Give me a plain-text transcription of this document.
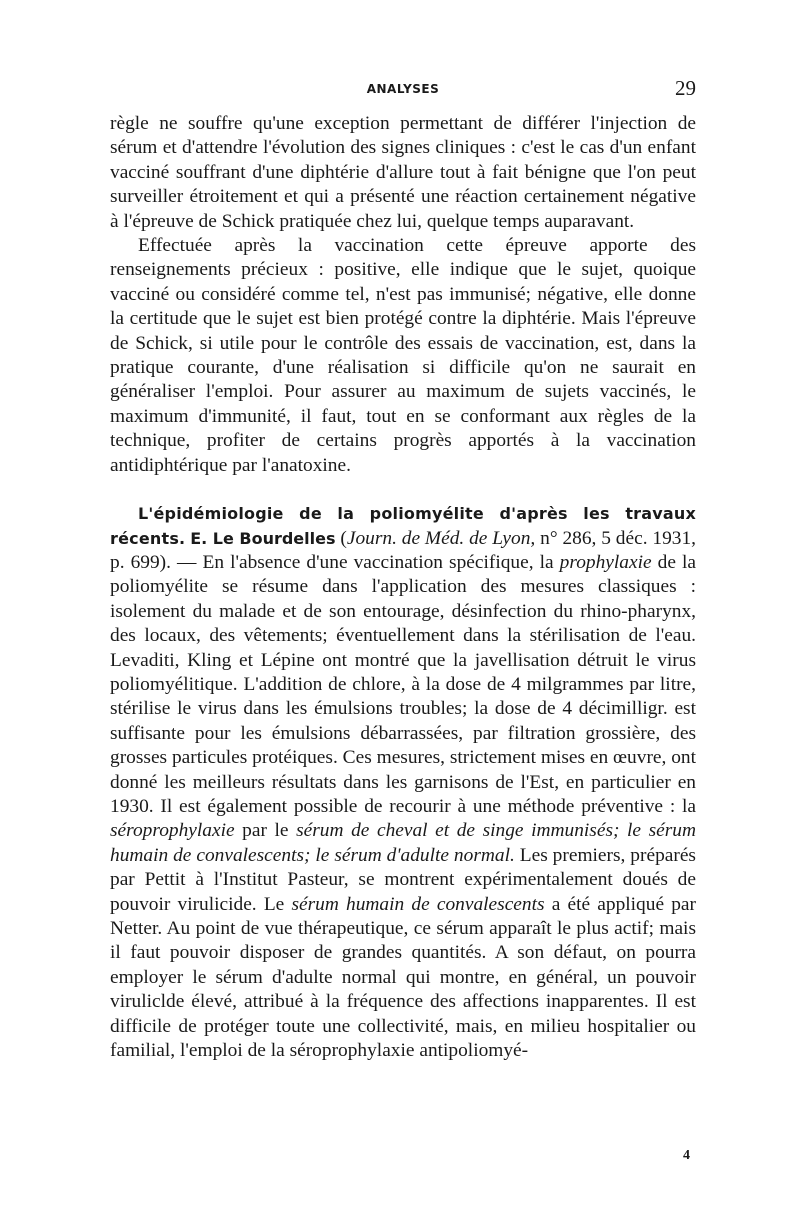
ANALYSES	29

règle ne souffre qu'une exception permettant de différer l'injection de sérum et d'attendre l'évolution des signes cliniques : c'est le cas d'un enfant vacciné souffrant d'une diphtérie d'allure tout à fait bénigne que l'on peut surveiller étroitement et qui a présenté une réaction certainement négative à l'épreuve de Schick pratiquée chez lui, quelque temps auparavant.

Effectuée après la vaccination cette épreuve apporte des renseignements précieux : positive, elle indique que le sujet, quoique vacciné ou considéré comme tel, n'est pas immunisé; négative, elle donne la certitude que le sujet est bien protégé contre la diphtérie. Mais l'épreuve de Schick, si utile pour le contrôle des essais de vaccination, est, dans la pratique courante, d'une réalisation si difficile qu'on ne saurait en généraliser l'emploi. Pour assurer au maximum de sujets vaccinés, le maximum d'immunité, il faut, tout en se conformant aux règles de la technique, profiter de certains progrès apportés à la vaccination antidiphtérique par l'anatoxine.

L'épidémiologie de la poliomyélite d'après les travaux récents. E. Le Bourdelles (Journ. de Méd. de Lyon, n° 286, 5 déc. 1931, p. 699). — En l'absence d'une vaccination spécifique, la prophylaxie de la poliomyélite se résume dans l'application des mesures classiques : isolement du malade et de son entourage, désinfection du rhino-pharynx, des locaux, des vêtements; éventuellement dans la stérilisation de l'eau. Levaditi, Kling et Lépine ont montré que la javellisation détruit le virus poliomyélitique. L'addition de chlore, à la dose de 4 milgrammes par litre, stérilise le virus dans les émulsions troubles; la dose de 4 décimilligr. est suffisante pour les émulsions débarrassées, par filtration grossière, des grosses particules protéiques. Ces mesures, strictement mises en œuvre, ont donné les meilleurs résultats dans les garnisons de l'Est, en particulier en 1930. Il est également possible de recourir à une méthode préventive : la séroprophylaxie par le sérum de cheval et de singe immunisés; le sérum humain de convalescents; le sérum d'adulte normal. Les premiers, préparés par Pettit à l'Institut Pasteur, se montrent expérimentalement doués de pouvoir virulicide. Le sérum humain de convalescents a été appliqué par Netter. Au point de vue thérapeutique, ce sérum apparaît le plus actif; mais il faut pouvoir disposer de grandes quantités. A son défaut, on pourra employer le sérum d'adulte normal qui montre, en général, un pouvoir viruliclde élevé, attribué à la fréquence des affections inapparentes. Il est difficile de protéger toute une collectivité, mais, en milieu hospitalier ou familial, l'emploi de la séroprophylaxie antipoliomyé-

4
